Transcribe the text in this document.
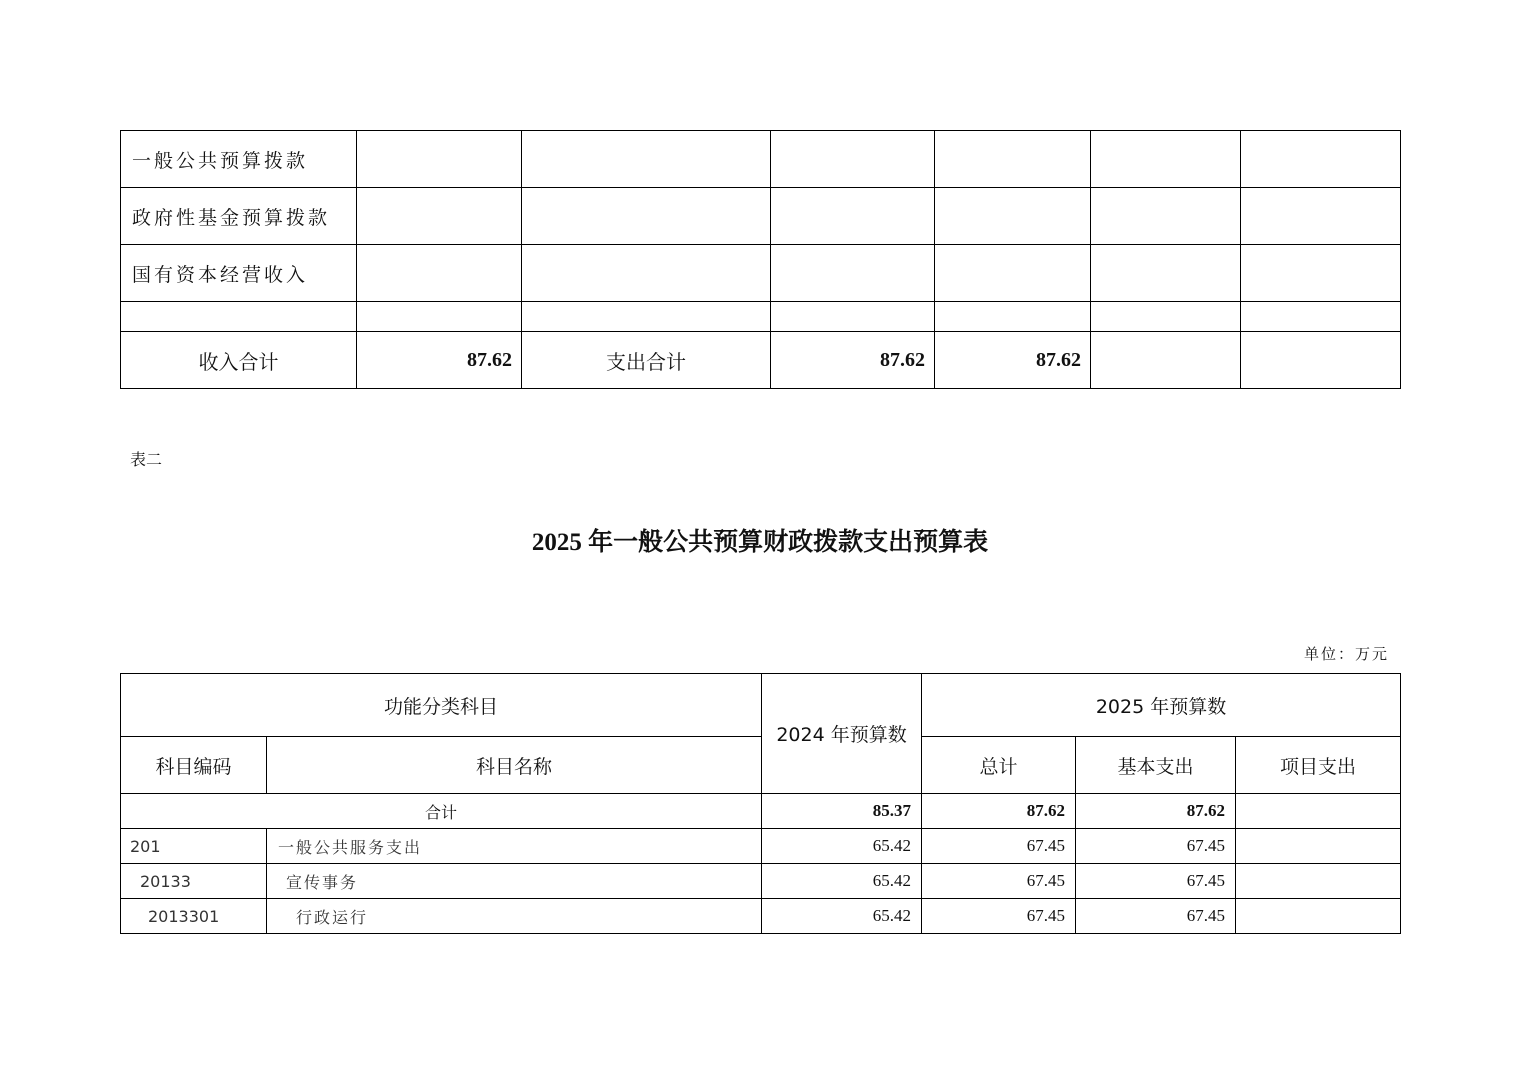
一般公共预算拨款						
政府性基金预算拨款						
国有资本经营收入						

收入合计	87.62	支出合计	87.62	87.62		
表二
2025 年一般公共预算财政拨款支出预算表
单位：万元
功能分类科目		2024 年预算数	2025 年预算数		
科目编码	科目名称		总计	基本支出	项目支出
合计		85.37	87.62	87.62	
201	一般公共服务支出	65.42	67.45	67.45	
20133	宣传事务	65.42	67.45	67.45	
2013301	行政运行	65.42	67.45	67.45	
